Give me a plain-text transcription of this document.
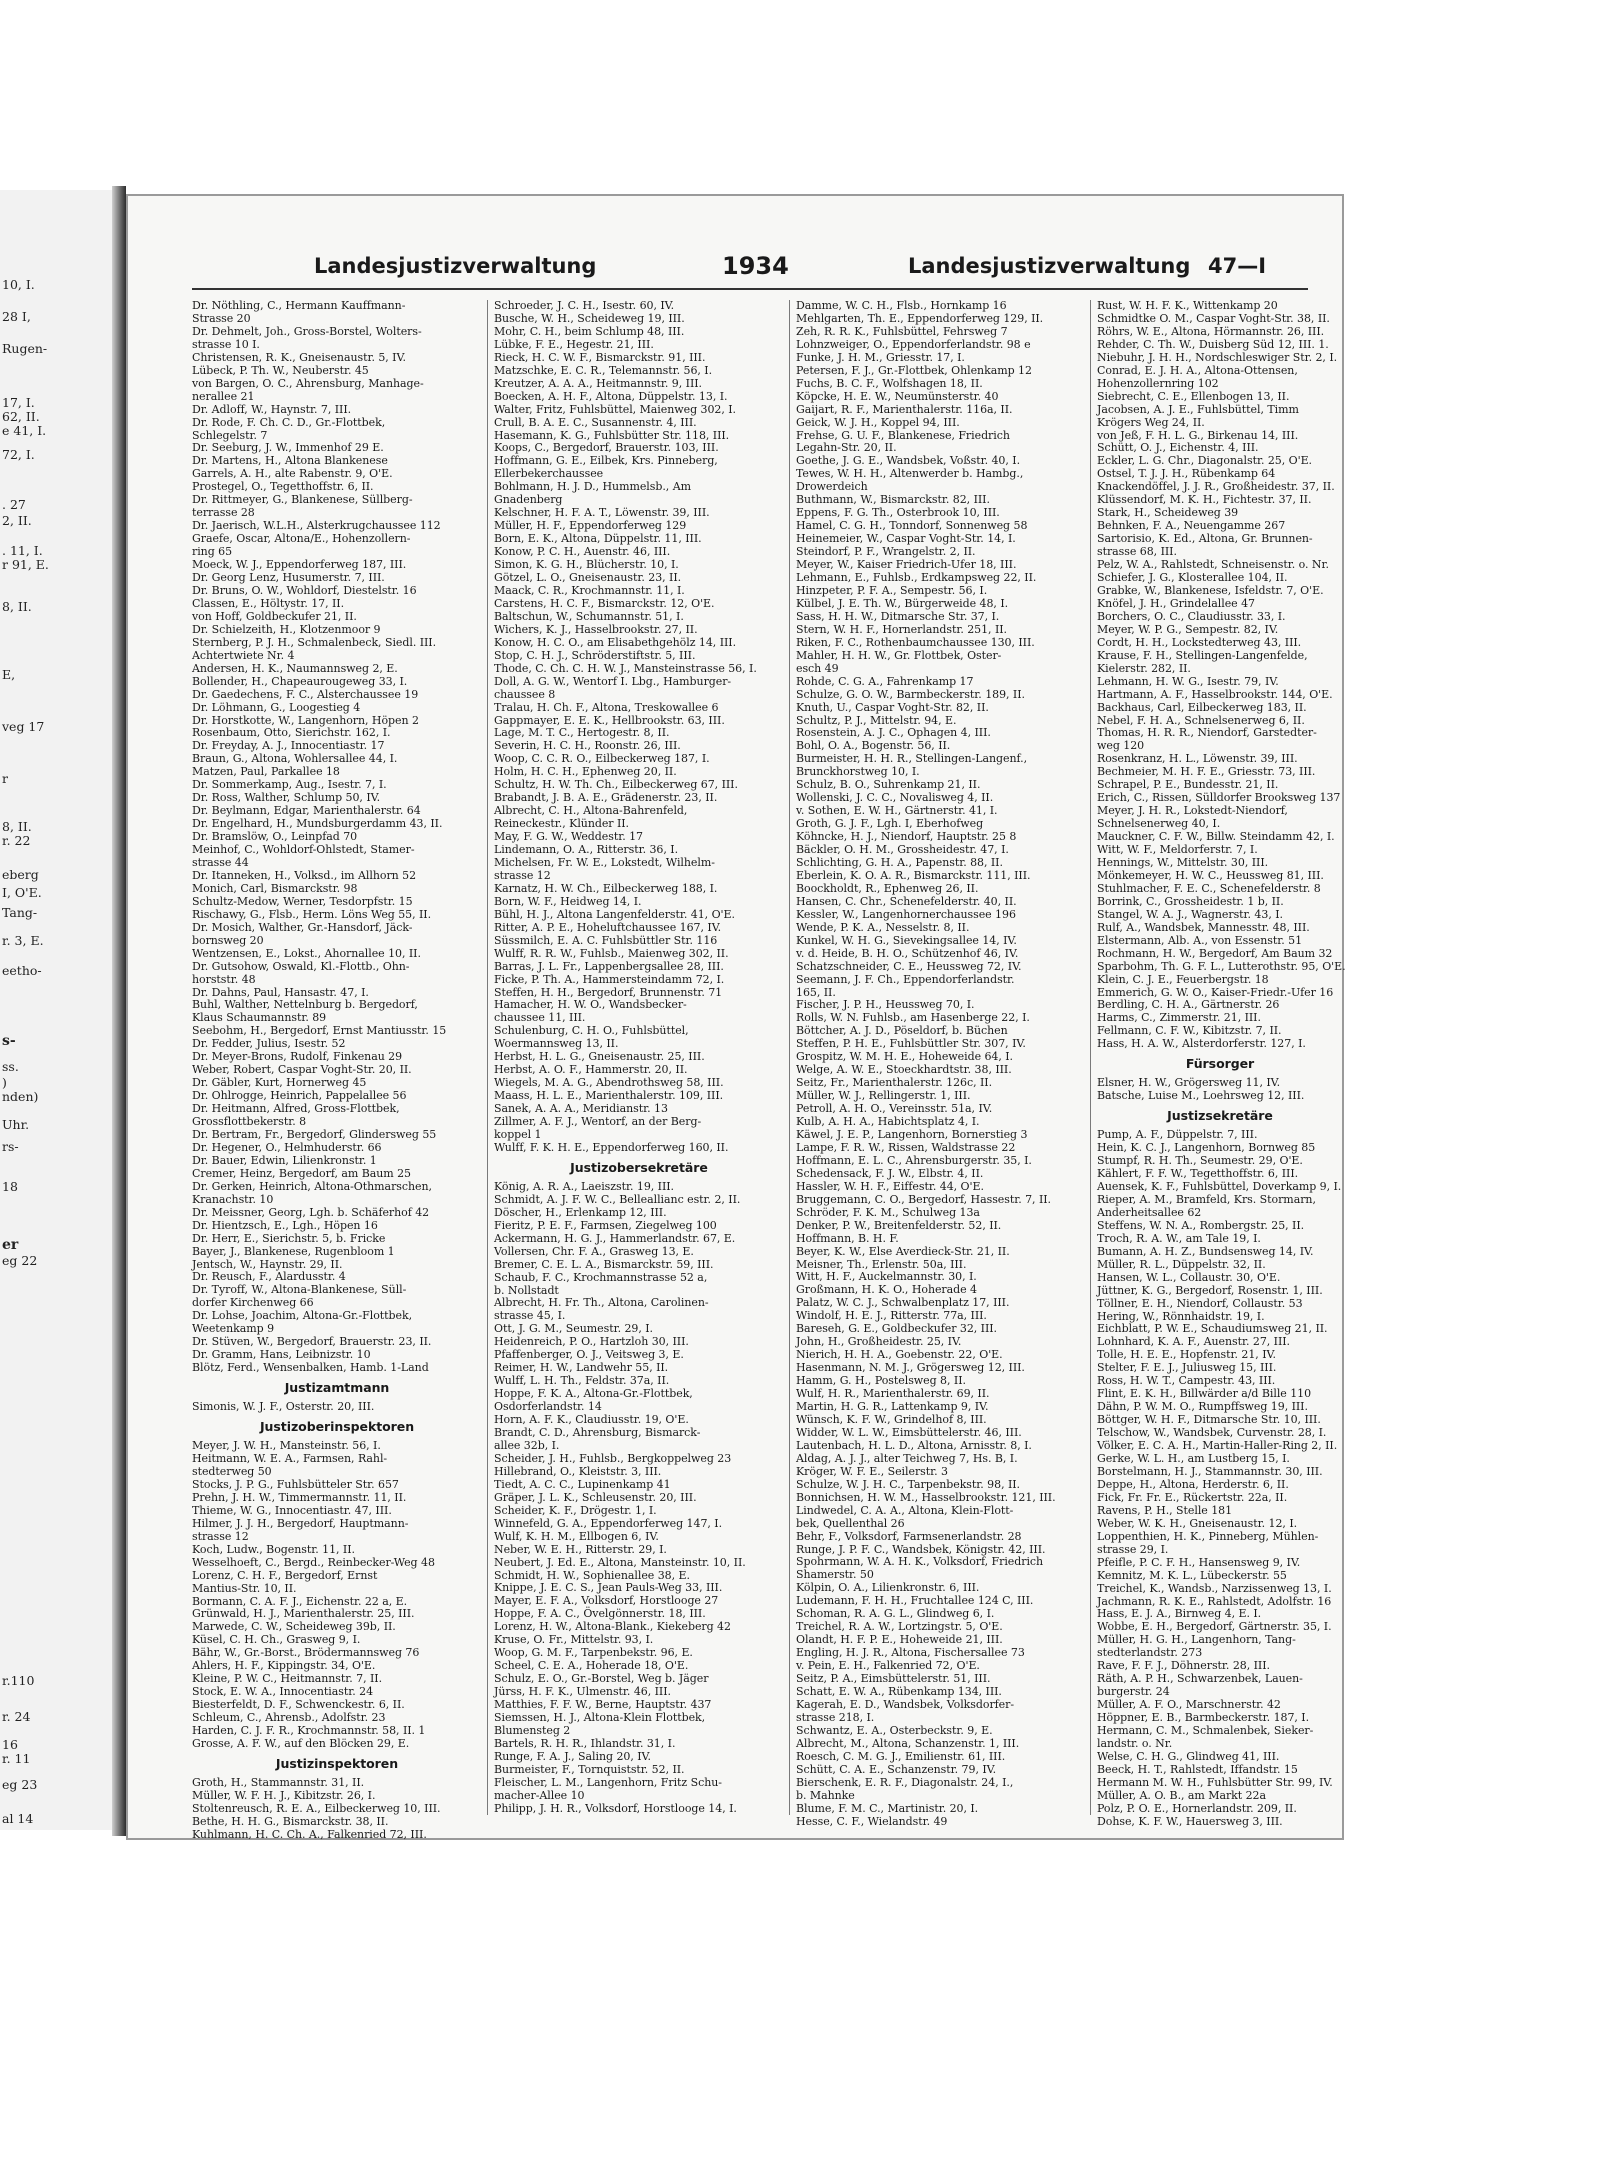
10, I.
28 I,
Rugen-
17, I.
62, II.
e 41, I.
72, I.
. 27
2, II.
. 11, I.
r 91, E.
8, II.
E,
veg 17
r
8, II.
r. 22
eberg
I, O'E.
Tang-
r. 3, E.
eetho-
s-
ss.
)
nden)
Uhr.
rs-
18
er
eg 22
r.110
r. 24
16
r. 11
eg 23
al 14
Landesjustizverwaltung	1934	Landesjustizverwaltung 47—I
Dr. Nöthling, C., Hermann Kauffmann-
Strasse 20
Dr. Dehmelt, Joh., Gross-Borstel, Wolters-
strasse 10 I.
Christensen, R. K., Gneisenaustr. 5, IV.
Lübeck, P. Th. W., Neuberstr. 45
von Bargen, O. C., Ahrensburg, Manhage-
nerallee 21
Dr. Adloff, W., Haynstr. 7, III.
Dr. Rode, F. Ch. C. D., Gr.-Flottbek,
Schlegelstr. 7
Dr. Seeburg, J. W., Immenhof 29 E.
Dr. Martens, H., Altona Blankenese
Garrels, A. H., alte Rabenstr. 9, O'E.
Prostegel, O., Tegetthoffstr. 6, II.
Dr. Rittmeyer, G., Blankenese, Süllberg-
terrasse 28
Dr. Jaerisch, W.L.H., Alsterkrugchaussee 112
Graefe, Oscar, Altona/E., Hohenzollern-
ring 65
Moeck, W. J., Eppendorferweg 187, III.
Dr. Georg Lenz, Husumerstr. 7, III.
Dr. Bruns, O. W., Wohldorf, Diestelstr. 16
Classen, E., Höltystr. 17, II.
von Hoff, Goldbeckufer 21, II.
Dr. Schielzeith, H., Klotzenmoor 9
Sternberg, P. J. H., Schmalenbeck, Siedl. III.
Achtertwiete Nr. 4
Andersen, H. K., Naumannsweg 2, E.
Bollender, H., Chapeaurougeweg 33, I.
Dr. Gaedechens, F. C., Alsterchaussee 19
Dr. Löhmann, G., Loogestieg 4
Dr. Horstkotte, W., Langenhorn, Höpen 2
Rosenbaum, Otto, Sierichstr. 162, I.
Dr. Freyday, A. J., Innocentiastr. 17
Braun, G., Altona, Wohlersallee 44, I.
Matzen, Paul, Parkallee 18
Dr. Sommerkamp, Aug., Isestr. 7, I.
Dr. Ross, Walther, Schlump 50, IV.
Dr. Beylmann, Edgar, Marienthalerstr. 64
Dr. Engelhard, H., Mundsburgerdamm 43, II.
Dr. Bramslöw, O., Leinpfad 70
Meinhof, C., Wohldorf-Ohlstedt, Stamer-
strasse 44
Dr. Itanneken, H., Volksd., im Allhorn 52
Monich, Carl, Bismarckstr. 98
Schultz-Medow, Werner, Tesdorpfstr. 15
Rischawy, G., Flsb., Herm. Löns Weg 55, II.
Dr. Mosich, Walther, Gr.-Hansdorf, Jäck-
bornsweg 20
Wentzensen, E., Lokst., Ahornallee 10, II.
Dr. Gutsohow, Oswald, Kl.-Flottb., Ohn-
horststr. 48
Dr. Dahns, Paul, Hansastr. 47, I.
Buhl, Walther, Nettelnburg b. Bergedorf,
Klaus Schaumannstr. 89
Seebohm, H., Bergedorf, Ernst Mantiusstr. 15
Dr. Fedder, Julius, Isestr. 52
Dr. Meyer-Brons, Rudolf, Finkenau 29
Weber, Robert, Caspar Voght-Str. 20, II.
Dr. Gäbler, Kurt, Hornerweg 45
Dr. Ohlrogge, Heinrich, Pappelallee 56
Dr. Heitmann, Alfred, Gross-Flottbek,
Grossflottbekerstr. 8
Dr. Bertram, Fr., Bergedorf, Glindersweg 55
Dr. Hegener, O., Helmhuderstr. 66
Dr. Bauer, Edwin, Lilienkronstr. 1
Cremer, Heinz, Bergedorf, am Baum 25
Dr. Gerken, Heinrich, Altona-Othmarschen,
Kranachstr. 10
Dr. Meissner, Georg, Lgh. b. Schäferhof 42
Dr. Hientzsch, E., Lgh., Höpen 16
Dr. Herr, E., Sierichstr. 5, b. Fricke
Bayer, J., Blankenese, Rugenbloom 1
Jentsch, W., Haynstr. 29, II.
Dr. Reusch, F., Alardusstr. 4
Dr. Tyroff, W., Altona-Blankenese, Süll-
dorfer Kirchenweg 66
Dr. Lohse, Joachim, Altona-Gr.-Flottbek,
Weetenkamp 9
Dr. Stüven, W., Bergedorf, Brauerstr. 23, II.
Dr. Gramm, Hans, Leibnizstr. 10
Blötz, Ferd., Wensenbalken, Hamb. 1-Land
Justizamtmann
Simonis, W. J. F., Osterstr. 20, III.
Justizoberinspektoren
Meyer, J. W. H., Mansteinstr. 56, I.
Heitmann, W. E. A., Farmsen, Rahl-
stedterweg 50
Stocks, J. P. G., Fuhlsbütteler Str. 657
Prehn, J. H. W., Timmermannstr. 11, II.
Thieme, W. G., Innocentiastr. 47, III.
Hilmer, J. J. H., Bergedorf, Hauptmann-
strasse 12
Koch, Ludw., Bogenstr. 11, II.
Wesselhoeft, C., Bergd., Reinbecker-Weg 48
Lorenz, C. H. F., Bergedorf, Ernst
Mantius-Str. 10, II.
Bormann, C. A. F. J., Eichenstr. 22 a, E.
Grünwald, H. J., Marienthalerstr. 25, III.
Marwede, C. W., Scheideweg 39b, II.
Küsel, C. H. Ch., Grasweg 9, I.
Bähr, W., Gr.-Borst., Brödermannsweg 76
Ahlers, H. F., Kippingstr. 34, O'E.
Kleine, P. W. C., Heitmannstr. 7, II.
Stock, E. W. A., Innocentiastr. 24
Biesterfeldt, D. F., Schwenckestr. 6, II.
Schleum, C., Ahrensb., Adolfstr. 23
Harden, C. J. F. R., Krochmannstr. 58, II. 1
Grosse, A. F. W., auf den Blöcken 29, E.
Justizinspektoren
Groth, H., Stammannstr. 31, II.
Müller, W. F. H. J., Kibitzstr. 26, I.
Stoltenreusch, R. E. A., Eilbeckerweg 10, III.
Bethe, H. H. G., Bismarckstr. 38, II.
Kuhlmann, H. C. Ch. A., Falkenried 72, III.
Schroeder, J. C. H., Isestr. 60, IV.
Busche, W. H., Scheideweg 19, III.
Mohr, C. H., beim Schlump 48, III.
Lübke, F. E., Hegestr. 21, III.
Rieck, H. C. W. F., Bismarckstr. 91, III.
Matzschke, E. C. R., Telemannstr. 56, I.
Kreutzer, A. A. A., Heitmannstr. 9, III.
Boecken, A. H. F., Altona, Düppelstr. 13, I.
Walter, Fritz, Fuhlsbüttel, Maienweg 302, I.
Crull, B. A. E. C., Susannenstr. 4, III.
Hasemann, K. G., Fuhlsbütter Str. 118, III.
Koops, C., Bergedorf, Brauerstr. 103, III.
Hoffmann, G. E., Eilbek, Krs. Pinneberg,
Ellerbekerchaussee
Bohlmann, H. J. D., Hummelsb., Am
Gnadenberg
Kelschner, H. F. A. T., Löwenstr. 39, III.
Müller, H. F., Eppendorferweg 129
Born, E. K., Altona, Düppelstr. 11, III.
Konow, P. C. H., Auenstr. 46, III.
Simon, K. G. H., Blücherstr. 10, I.
Götzel, L. O., Gneisenaustr. 23, II.
Maack, C. R., Krochmannstr. 11, I.
Carstens, H. C. F., Bismarckstr. 12, O'E.
Baltschun, W., Schumannstr. 51, I.
Wichers, K. J., Hasselbrookstr. 27, II.
Konow, H. C. O., am Elisabethgehölz 14, III.
Stop, C. H. J., Schröderstiftstr. 5, III.
Thode, C. Ch. C. H. W. J., Mansteinstrasse 56, I.
Doll, A. G. W., Wentorf I. Lbg., Hamburger-
chaussee 8
Tralau, H. Ch. F., Altona, Treskowallee 6
Gappmayer, E. E. K., Hellbrookstr. 63, III.
Lage, M. T. C., Hertogestr. 8, II.
Severin, H. C. H., Roonstr. 26, III.
Woop, C. C. R. O., Eilbeckerweg 187, I.
Holm, H. C. H., Ephenweg 20, II.
Schultz, H. W. Th. Ch., Eilbeckerweg 67, III.
Brabandt, J. B. A. E., Grädenerstr. 23, II.
Albrecht, C. H., Altona-Bahrenfeld,
Reineckestr., Klünder II.
May, F. G. W., Weddestr. 17
Lindemann, O. A., Ritterstr. 36, I.
Michelsen, Fr. W. E., Lokstedt, Wilhelm-
strasse 12
Karnatz, H. W. Ch., Eilbeckerweg 188, I.
Born, W. F., Heidweg 14, I.
Bühl, H. J., Altona Langenfelderstr. 41, O'E.
Ritter, A. P. E., Hoheluftchaussee 167, IV.
Süssmilch, E. A. C. Fuhlsbüttler Str. 116
Wulff, R. R. W., Fuhlsb., Maienweg 302, II.
Barras, J. L. Fr., Lappenbergsallee 28, III.
Ficke, P. Th. A., Hammersteindamm 72, I.
Steffen, H. H., Bergedorf, Brunnenstr. 71
Hamacher, H. W. O., Wandsbecker-
chaussee 11, III.
Schulenburg, C. H. O., Fuhlsbüttel,
Woermannsweg 13, II.
Herbst, H. L. G., Gneisenaustr. 25, III.
Herbst, A. O. F., Hammerstr. 20, II.
Wiegels, M. A. G., Abendrothsweg 58, III.
Maass, H. L. E., Marienthalerstr. 109, III.
Sanek, A. A. A., Meridianstr. 13
Zillmer, A. F. J., Wentorf, an der Berg-
koppel 1
Wulff, F. K. H. E., Eppendorferweg 160, II.
Justizobersekretäre
König, A. R. A., Laeiszstr. 19, III.
Schmidt, A. J. F. W. C., Belleallianc estr. 2, II.
Döscher, H., Erlenkamp 12, III.
Fieritz, P. E. F., Farmsen, Ziegelweg 100
Ackermann, H. G. J., Hammerlandstr. 67, E.
Vollersen, Chr. F. A., Grasweg 13, E.
Bremer, C. E. L. A., Bismarckstr. 59, III.
Schaub, F. C., Krochmannstrasse 52 a,
b. Nollstadt
Albrecht, H. Fr. Th., Altona, Carolinen-
strasse 45, I.
Ott, J. G. M., Seumestr. 29, I.
Heidenreich, P. O., Hartzloh 30, III.
Pfaffenberger, O. J., Veitsweg 3, E.
Reimer, H. W., Landwehr 55, II.
Wulff, L. H. Th., Feldstr. 37a, II.
Hoppe, F. K. A., Altona-Gr.-Flottbek,
Osdorferlandstr. 14
Horn, A. F. K., Claudiusstr. 19, O'E.
Brandt, C. D., Ahrensburg, Bismarck-
allee 32b, I.
Scheider, J. H., Fuhlsb., Bergkoppelweg 23
Hillebrand, O., Kleiststr. 3, III.
Tiedt, A. C. C., Lupinenkamp 41
Gräper, J. L. K., Schleusenstr. 20, III.
Scheider, K. F., Drögestr. 1, I.
Winnefeld, G. A., Eppendorferweg 147, I.
Wulf, K. H. M., Ellbogen 6, IV.
Neber, W. E. H., Ritterstr. 29, I.
Neubert, J. Ed. E., Altona, Mansteinstr. 10, II.
Schmidt, H. W., Sophienallee 38, E.
Knippe, J. E. C. S., Jean Pauls-Weg 33, III.
Mayer, E. F. A., Volksdorf, Horstlooge 27
Hoppe, F. A. C., Övelgönnerstr. 18, III.
Lorenz, H. W., Altona-Blank., Kiekeberg 42
Kruse, O. Fr., Mittelstr. 93, I.
Woop, G. M. F., Tarpenbekstr. 96, E.
Scheel, C. E. A., Hoherade 18, O'E.
Schulz, E. O., Gr.-Borstel, Weg b. Jäger
Jürss, H. F. K., Ulmenstr. 46, III.
Matthies, F. F. W., Berne, Hauptstr. 437
Siemssen, H. J., Altona-Klein Flottbek,
Blumensteg 2
Bartels, R. H. R., Ihlandstr. 31, I.
Runge, F. A. J., Saling 20, IV.
Burmeister, F., Tornquiststr. 52, II.
Fleischer, L. M., Langenhorn, Fritz Schu-
macher-Allee 10
Philipp, J. H. R., Volksdorf, Horstlooge 14, I.
Damme, W. C. H., Flsb., Hornkamp 16
Mehlgarten, Th. E., Eppendorferweg 129, II.
Zeh, R. R. K., Fuhlsbüttel, Fehrsweg 7
Lohnzweiger, O., Eppendorferlandstr. 98 e
Funke, J. H. M., Griesstr. 17, I.
Petersen, F. J., Gr.-Flottbek, Ohlenkamp 12
Fuchs, B. C. F., Wolfshagen 18, II.
Köpcke, H. E. W., Neumünsterstr. 40
Gaijart, R. F., Marienthalerstr. 116a, II.
Geick, W. J. H., Koppel 94, III.
Frehse, G. U. F., Blankenese, Friedrich
Legahn-Str. 20, II.
Goethe, J. G. E., Wandsbek, Voßstr. 40, I.
Tewes, W. H. H., Altenwerder b. Hambg.,
Drowerdeich
Buthmann, W., Bismarckstr. 82, III.
Eppens, F. G. Th., Osterbrook 10, III.
Hamel, C. G. H., Tonndorf, Sonnenweg 58
Heinemeier, W., Caspar Voght-Str. 14, I.
Steindorf, P. F., Wrangelstr. 2, II.
Meyer, W., Kaiser Friedrich-Ufer 18, III.
Lehmann, E., Fuhlsb., Erdkampsweg 22, II.
Hinzpeter, P. F. A., Sempestr. 56, I.
Külbel, J. E. Th. W., Bürgerweide 48, I.
Sass, H. H. W., Ditmarsche Str. 37, I.
Stern, W. H. F., Hornerlandstr. 251, II.
Riken, F. C., Rothenbaumchaussee 130, III.
Mahler, H. H. W., Gr. Flottbek, Oster-
esch 49
Rohde, C. G. A., Fahrenkamp 17
Schulze, G. O. W., Barmbeckerstr. 189, II.
Knuth, U., Caspar Voght-Str. 82, II.
Schultz, P. J., Mittelstr. 94, E.
Rosenstein, A. J. C., Ophagen 4, III.
Bohl, O. A., Bogenstr. 56, II.
Burmeister, H. H. R., Stellingen-Langenf.,
Brunckhorstweg 10, I.
Schulz, B. O., Suhrenkamp 21, II.
Wollenski, J. C. C., Novalisweg 4, II.
v. Sothen, E. W. H., Gärtnerstr. 41, I.
Groth, G. J. F., Lgh. I, Eberhofweg
Köhncke, H. J., Niendorf, Hauptstr. 25 8
Bäckler, O. H. M., Grossheidestr. 47, I.
Schlichting, G. H. A., Papenstr. 88, II.
Eberlein, K. O. A. R., Bismarckstr. 111, III.
Boockholdt, R., Ephenweg 26, II.
Hansen, C. Chr., Schenefelderstr. 40, II.
Kessler, W., Langenhornerchaussee 196
Wende, P. K. A., Nesselstr. 8, II.
Kunkel, W. H. G., Sievekingsallee 14, IV.
v. d. Heide, B. H. O., Schützenhof 46, IV.
Schatzschneider, C. E., Heussweg 72, IV.
Seemann, J. F. Ch., Eppendorferlandstr.
165, II.
Fischer, J. P. H., Heussweg 70, I.
Rolls, W. N. Fuhlsb., am Hasenberge 22, I.
Böttcher, A. J. D., Pöseldorf, b. Büchen
Steffen, P. H. E., Fuhlsbüttler Str. 307, IV.
Grospitz, W. M. H. E., Hoheweide 64, I.
Welge, A. W. E., Stoeckhardtstr. 38, III.
Seitz, Fr., Marienthalerstr. 126c, II.
Müller, W. J., Rellingerstr. 1, III.
Petroll, A. H. O., Vereinsstr. 51a, IV.
Kulb, A. H. A., Habichtsplatz 4, I.
Käwel, J. E. P., Langenhorn, Bornerstieg 3
Lampe, F. R. W., Rissen, Waldstrasse 22
Hoffmann, E. L. C., Ahrensburgerstr. 35, I.
Schedensack, F. J. W., Elbstr. 4, II.
Hassler, W. H. F., Eiffestr. 44, O'E.
Bruggemann, C. O., Bergedorf, Hassestr. 7, II.
Schröder, F. K. M., Schulweg 13a
Denker, P. W., Breitenfelderstr. 52, II.
Hoffmann, B. H. F.
Beyer, K. W., Else Averdieck-Str. 21, II.
Meisner, Th., Erlenstr. 50a, III.
Witt, H. F., Auckelmannstr. 30, I.
Großmann, H. K. O., Hoherade 4
Palatz, W. C. J., Schwalbenplatz 17, III.
Windolf, H. E. J., Ritterstr. 77a, III.
Bareseh, G. E., Goldbeckufer 32, III.
John, H., Großheidestr. 25, IV.
Nierich, H. H. A., Goebenstr. 22, O'E.
Hasenmann, N. M. J., Grögersweg 12, III.
Hamm, G. H., Postelsweg 8, II.
Wulf, H. R., Marienthalerstr. 69, II.
Martin, H. G. R., Lattenkamp 9, IV.
Wünsch, K. F. W., Grindelhof 8, III.
Widder, W. L. W., Eimsbüttelerstr. 46, III.
Lautenbach, H. L. D., Altona, Arnisstr. 8, I.
Aldag, A. J. J., alter Teichweg 7, Hs. B, I.
Kröger, W. F. E., Seilerstr. 3
Schulze, W. J. H. C., Tarpenbekstr. 98, II.
Bonnichsen, H. W. M., Hasselbrookstr. 121, III.
Lindwedel, C. A. A., Altona, Klein-Flott-
bek, Quellenthal 26
Behr, F., Volksdorf, Farmsenerlandstr. 28
Runge, J. P. F. C., Wandsbek, Königstr. 42, III.
Spohrmann, W. A. H. K., Volksdorf, Friedrich
Shamerstr. 50
Kölpin, O. A., Lilienkronstr. 6, III.
Ludemann, F. H. H., Fruchtallee 124 C, III.
Schoman, R. A. G. L., Glindweg 6, I.
Treichel, R. A. W., Lortzingstr. 5, O'E.
Olandt, H. F. P. E., Hoheweide 21, III.
Engling, H. J. R., Altona, Fischersallee 73
v. Pein, E. H., Falkenried 72, O'E.
Seitz, P. A., Eimsbüttelerstr. 51, III.
Schatt, E. W. A., Rübenkamp 134, III.
Kagerah, E. D., Wandsbek, Volksdorfer-
strasse 218, I.
Schwantz, E. A., Osterbeckstr. 9, E.
Albrecht, M., Altona, Schanzenstr. 1, III.
Roesch, C. M. G. J., Emilienstr. 61, III.
Schütt, C. A. E., Schanzenstr. 79, IV.
Bierschenk, E. R. F., Diagonalstr. 24, I.,
b. Mahnke
Blume, F. M. C., Martinistr. 20, I.
Hesse, C. F., Wielandstr. 49
Rust, W. H. F. K., Wittenkamp 20
Schmidtke O. M., Caspar Voght-Str. 38, II.
Röhrs, W. E., Altona, Hörmannstr. 26, III.
Rehder, C. Th. W., Duisberg Süd 12, III. 1.
Niebuhr, J. H. H., Nordschleswiger Str. 2, I.
Conrad, E. J. H. A., Altona-Ottensen,
Hohenzollernring 102
Siebrecht, C. E., Ellenbogen 13, II.
Jacobsen, A. J. E., Fuhlsbüttel, Timm
Krögers Weg 24, II.
von Jeß, F. H. L. G., Birkenau 14, III.
Schütt, O. J., Eichenstr. 4, III.
Eckler, L. G. Chr., Diagonalstr. 25, O'E.
Ostsel, T. J. J. H., Rübenkamp 64
Knackendöffel, J. J. R., Großheidestr. 37, II.
Klüssendorf, M. K. H., Fichtestr. 37, II.
Stark, H., Scheideweg 39
Behnken, F. A., Neuengamme 267
Sartorisio, K. Ed., Altona, Gr. Brunnen-
strasse 68, III.
Pelz, W. A., Rahlstedt, Schneisenstr. o. Nr.
Schiefer, J. G., Klosterallee 104, II.
Grabke, W., Blankenese, Isfeldstr. 7, O'E.
Knöfel, J. H., Grindelallee 47
Borchers, O. C., Claudiusstr. 33, I.
Meyer, W. P. G., Sempestr. 82, IV.
Cordt, H. H., Lockstedterweg 43, III.
Krause, F. H., Stellingen-Langenfelde,
Kielerstr. 282, II.
Lehmann, H. W. G., Isestr. 79, IV.
Hartmann, A. F., Hasselbrookstr. 144, O'E.
Backhaus, Carl, Eilbeckerweg 183, II.
Nebel, F. H. A., Schnelsenerweg 6, II.
Thomas, H. R. R., Niendorf, Garstedter-
weg 120
Rosenkranz, H. L., Löwenstr. 39, III.
Bechmeier, M. H. F. E., Griesstr. 73, III.
Schrapel, P. E., Bundesstr. 21, II.
Erich, C., Rissen, Sülldorfer Brooksweg 137
Meyer, J. H. R., Lokstedt-Niendorf,
Schnelsenerweg 40, I.
Mauckner, C. F. W., Billw. Steindamm 42, I.
Witt, W. F., Meldorferstr. 7, I.
Hennings, W., Mittelstr. 30, III.
Mönkemeyer, H. W. C., Heussweg 81, III.
Stuhlmacher, F. E. C., Schenefelderstr. 8
Borrink, C., Grossheidestr. 1 b, II.
Stangel, W. A. J., Wagnerstr. 43, I.
Rulf, A., Wandsbek, Mannesstr. 48, III.
Elstermann, Alb. A., von Essenstr. 51
Rochmann, H. W., Bergedorf, Am Baum 32
Sparbohm, Th. G. F. L., Lutterothstr. 95, O'E.
Klein, C. J. E., Feuerbergstr. 18
Emmerich, G. W. O., Kaiser-Friedr.-Ufer 16
Berdling, C. H. A., Gärtnerstr. 26
Harms, C., Zimmerstr. 21, III.
Fellmann, C. F. W., Kibitzstr. 7, II.
Hass, H. A. W., Alsterdorferstr. 127, I.
Fürsorger
Elsner, H. W., Grögersweg 11, IV.
Batsche, Luise M., Loehrsweg 12, III.
Justizsekretäre
Pump, A. F., Düppelstr. 7, III.
Hein, K. C. J., Langenhorn, Bornweg 85
Stumpf, R. H. Th., Seumestr. 29, O'E.
Kählert, F. F. W., Tegetthoffstr. 6, III.
Auensek, K. F., Fuhlsbüttel, Doverkamp 9, I.
Rieper, A. M., Bramfeld, Krs. Stormarn,
Anderheitsallee 62
Steffens, W. N. A., Rombergstr. 25, II.
Troch, R. A. W., am Tale 19, I.
Bumann, A. H. Z., Bundsensweg 14, IV.
Müller, R. L., Düppelstr. 32, II.
Hansen, W. L., Collaustr. 30, O'E.
Jüttner, K. G., Bergedorf, Rosenstr. 1, III.
Töllner, E. H., Niendorf, Collaustr. 53
Hering, W., Rönnhaidstr. 19, I.
Eichblatt, P. W. E., Schaudiumsweg 21, II.
Lohnhard, K. A. F., Auenstr. 27, III.
Tolle, H. E. E., Hopfenstr. 21, IV.
Stelter, F. E. J., Juliusweg 15, III.
Ross, H. W. T., Campestr. 43, III.
Flint, E. K. H., Billwärder a/d Bille 110
Dähn, P. W. M. O., Rumpffsweg 19, III.
Böttger, W. H. F., Ditmarsche Str. 10, III.
Telschow, W., Wandsbek, Curvenstr. 28, I.
Völker, E. C. A. H., Martin-Haller-Ring 2, II.
Gerke, W. L. H., am Lustberg 15, I.
Borstelmann, H. J., Stammannstr. 30, III.
Deppe, H., Altona, Herderstr. 6, II.
Fick, Fr. Fr. E., Rückertstr. 22a, II.
Ravens, P. H., Stelle 181
Weber, W. K. H., Gneisenaustr. 12, I.
Loppenthien, H. K., Pinneberg, Mühlen-
strasse 29, I.
Pfeifle, P. C. F. H., Hansensweg 9, IV.
Kemnitz, M. K. L., Lübeckerstr. 55
Treichel, K., Wandsb., Narzissenweg 13, I.
Jachmann, R. K. E., Rahlstedt, Adolfstr. 16
Hass, E. J. A., Birnweg 4, E. I.
Wobbe, E. H., Bergedorf, Gärtnerstr. 35, I.
Müller, H. G. H., Langenhorn, Tang-
stedterlandstr. 273
Rave, F. F. J., Döhnerstr. 28, III.
Räth, A. P. H., Schwarzenbek, Lauen-
burgerstr. 24
Müller, A. F. O., Marschnerstr. 42
Höppner, E. B., Barmbeckerstr. 187, I.
Hermann, C. M., Schmalenbek, Sieker-
landstr. o. Nr.
Welse, C. H. G., Glindweg 41, III.
Beeck, H. T., Rahlstedt, Iffandstr. 15
Hermann M. W. H., Fuhlsbütter Str. 99, IV.
Müller, A. O. B., am Markt 22a
Polz, P. O. E., Hornerlandstr. 209, II.
Dohse, K. F. W., Hauersweg 3, III.
